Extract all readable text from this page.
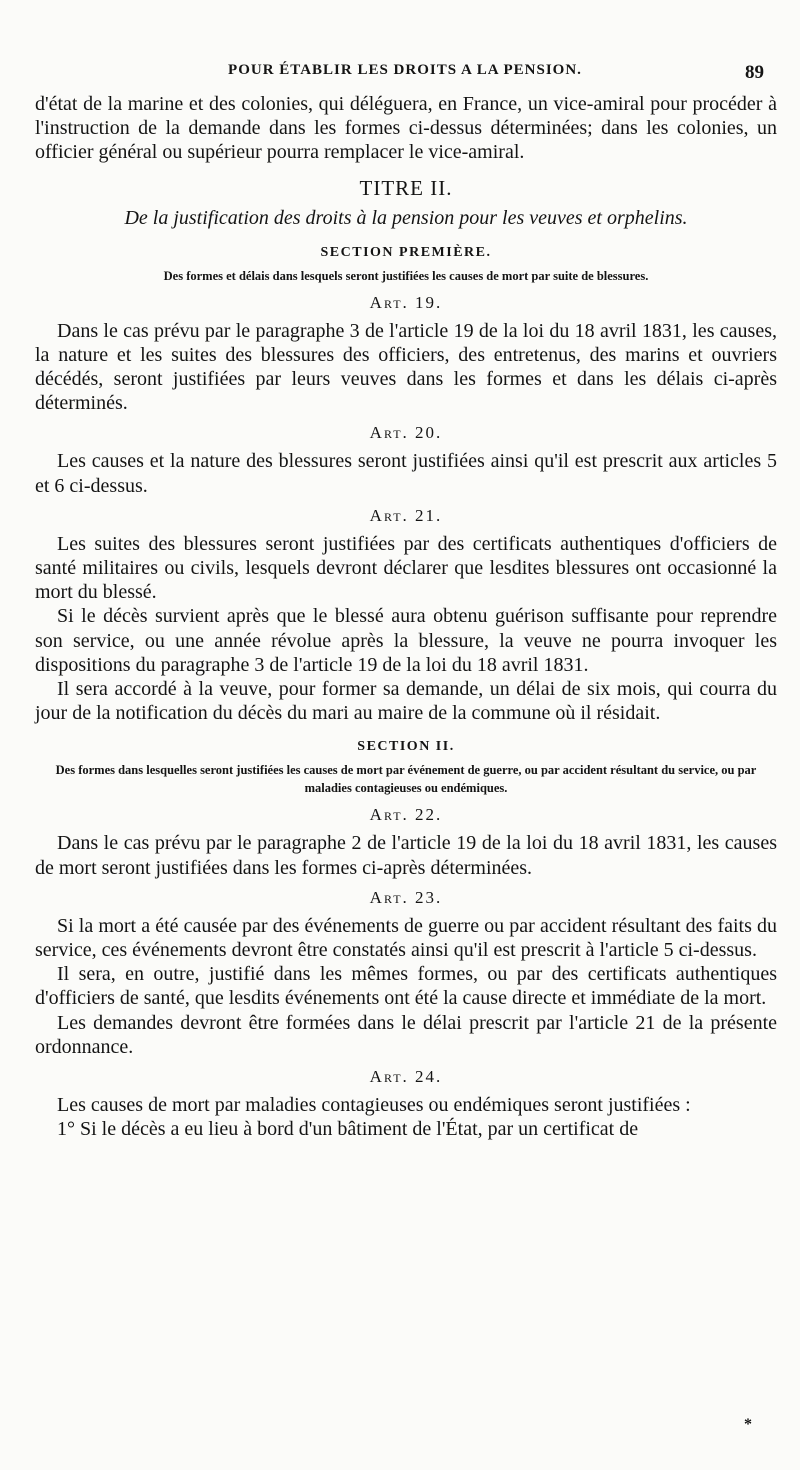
POUR ÉTABLIR LES DROITS A LA PENSION.	89

d'état de la marine et des colonies, qui déléguera, en France, un vice-amiral pour procéder à l'instruction de la demande dans les formes ci-dessus déterminées; dans les colonies, un officier général ou supérieur pourra remplacer le vice-amiral.

TITRE II.
De la justification des droits à la pension pour les veuves et orphelins.
SECTION PREMIÈRE.
Des formes et délais dans lesquels seront justifiées les causes de mort par suite de blessures.
Art. 19.

Dans le cas prévu par le paragraphe 3 de l'article 19 de la loi du 18 avril 1831, les causes, la nature et les suites des blessures des officiers, des entretenus, des marins et ouvriers décédés, seront justifiées par leurs veuves dans les formes et dans les délais ci-après déterminés.

Art. 20.

Les causes et la nature des blessures seront justifiées ainsi qu'il est prescrit aux articles 5 et 6 ci-dessus.

Art. 21.

Les suites des blessures seront justifiées par des certificats authentiques d'officiers de santé militaires ou civils, lesquels devront déclarer que lesdites blessures ont occasionné la mort du blessé.

Si le décès survient après que le blessé aura obtenu guérison suffisante pour reprendre son service, ou une année révolue après la blessure, la veuve ne pourra invoquer les dispositions du paragraphe 3 de l'article 19 de la loi du 18 avril 1831.

Il sera accordé à la veuve, pour former sa demande, un délai de six mois, qui courra du jour de la notification du décès du mari au maire de la commune où il résidait.

SECTION II.
Des formes dans lesquelles seront justifiées les causes de mort par événement de guerre, ou par accident résultant du service, ou par maladies contagieuses ou endémiques.
Art. 22.

Dans le cas prévu par le paragraphe 2 de l'article 19 de la loi du 18 avril 1831, les causes de mort seront justifiées dans les formes ci-après déterminées.

Art. 23.

Si la mort a été causée par des événements de guerre ou par accident résultant des faits du service, ces événements devront être constatés ainsi qu'il est prescrit à l'article 5 ci-dessus.

Il sera, en outre, justifié dans les mêmes formes, ou par des certificats authentiques d'officiers de santé, que lesdits événements ont été la cause directe et immédiate de la mort.

Les demandes devront être formées dans le délai prescrit par l'article 21 de la présente ordonnance.

Art. 24.

Les causes de mort par maladies contagieuses ou endémiques seront justifiées :

1° Si le décès a eu lieu à bord d'un bâtiment de l'État, par un certificat de

*
